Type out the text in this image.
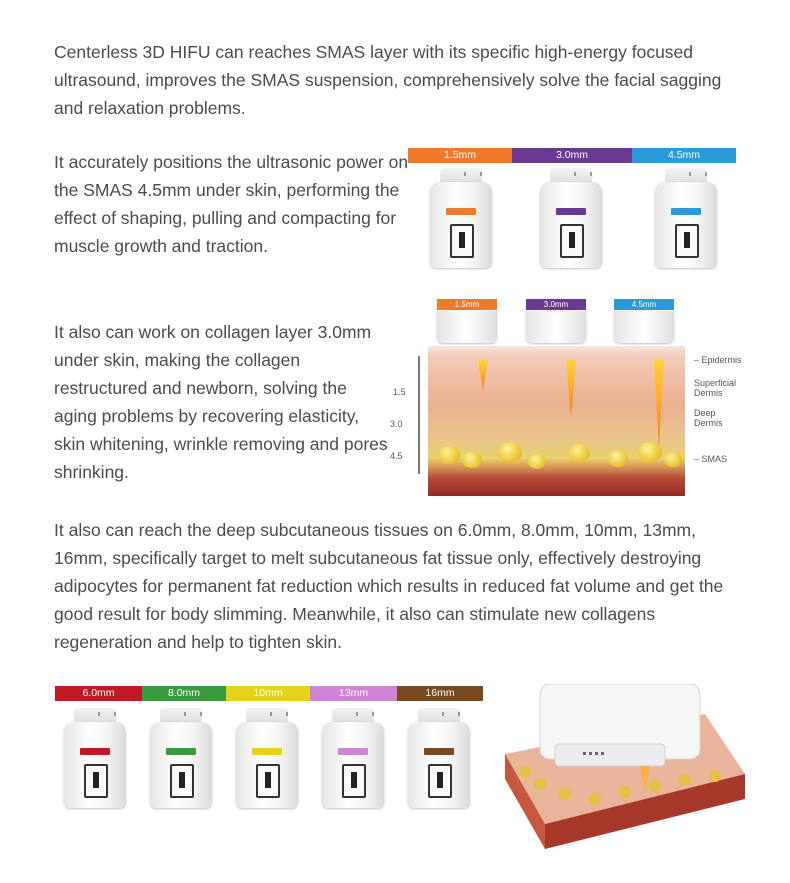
Centerless 3D HIFU can reaches SMAS layer with its specific high-energy focused ultrasound, improves the SMAS suspension, comprehensively solve the facial sagging and relaxation problems.

It accurately positions the ultrasonic power on the SMAS 4.5mm under skin, performing the effect of shaping, pulling and compacting for muscle growth and traction.

It also can work on collagen layer 3.0mm under skin, making the collagen restructured and newborn, solving the aging problems by recovering elasticity, skin whitening, wrinkle removing and pores shrinking.

It also can reach the deep subcutaneous tissues on 6.0mm, 8.0mm, 10mm, 13mm, 16mm, specifically target to melt subcutaneous fat tissue only, effectively destroying adipocytes for permanent fat reduction which results in reduced fat volume and get the good result for body slimming. Meanwhile, it also can stimulate new collagens regeneration and help to tighten skin.

1.5mm	3.0mm	4.5mm
1.5mm	3.0mm	4.5mm
1.5
3.0
4.5
– Epidermis
Superficial
Dermis
Deep
Dermis
– SMAS
6.0mm	8.0mm	10mm	13mm	16mm
